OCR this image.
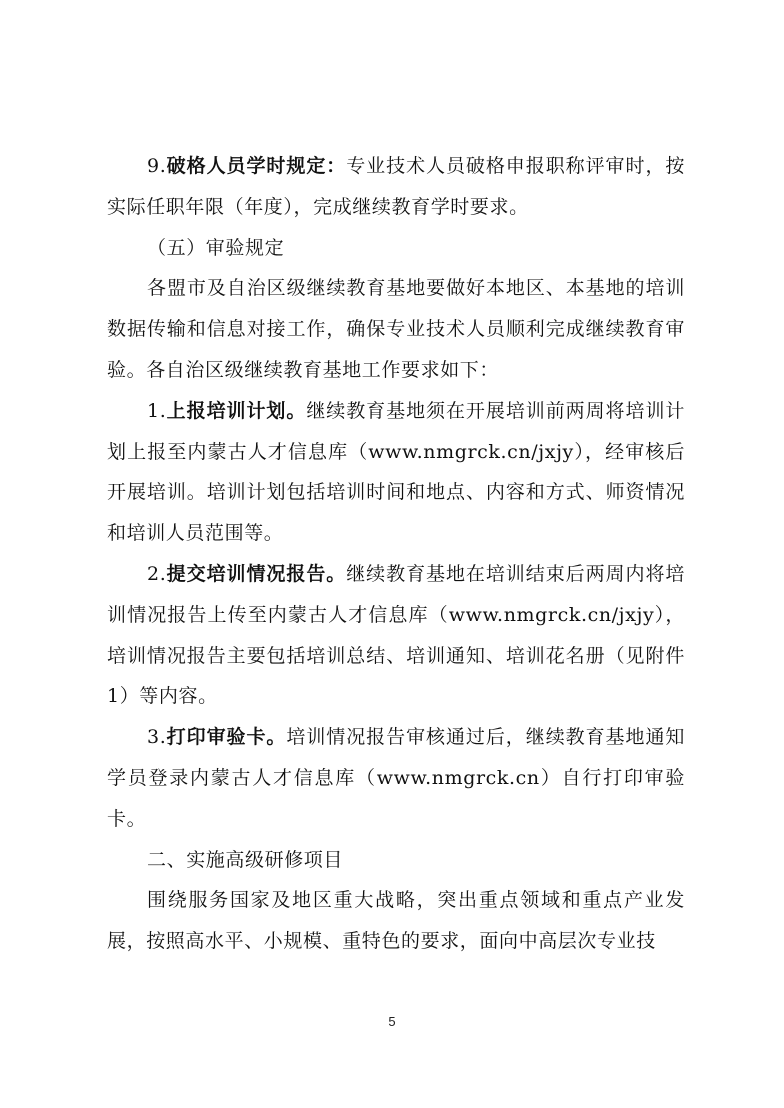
9.破格人员学时规定：专业技术人员破格申报职称评审时，按实际任职年限（年度），完成继续教育学时要求。

（五）审验规定

各盟市及自治区级继续教育基地要做好本地区、本基地的培训数据传输和信息对接工作，确保专业技术人员顺利完成继续教育审验。各自治区级继续教育基地工作要求如下：

1.上报培训计划。继续教育基地须在开展培训前两周将培训计划上报至内蒙古人才信息库（www.nmgrck.cn/jxjy），经审核后开展培训。培训计划包括培训时间和地点、内容和方式、师资情况和培训人员范围等。

2.提交培训情况报告。继续教育基地在培训结束后两周内将培训情况报告上传至内蒙古人才信息库（www.nmgrck.cn/jxjy），培训情况报告主要包括培训总结、培训通知、培训花名册（见附件 1）等内容。

3.打印审验卡。培训情况报告审核通过后，继续教育基地通知学员登录内蒙古人才信息库（www.nmgrck.cn）自行打印审验卡。

二、实施高级研修项目

围绕服务国家及地区重大战略，突出重点领域和重点产业发展，按照高水平、小规模、重特色的要求，面向中高层次专业技

5
